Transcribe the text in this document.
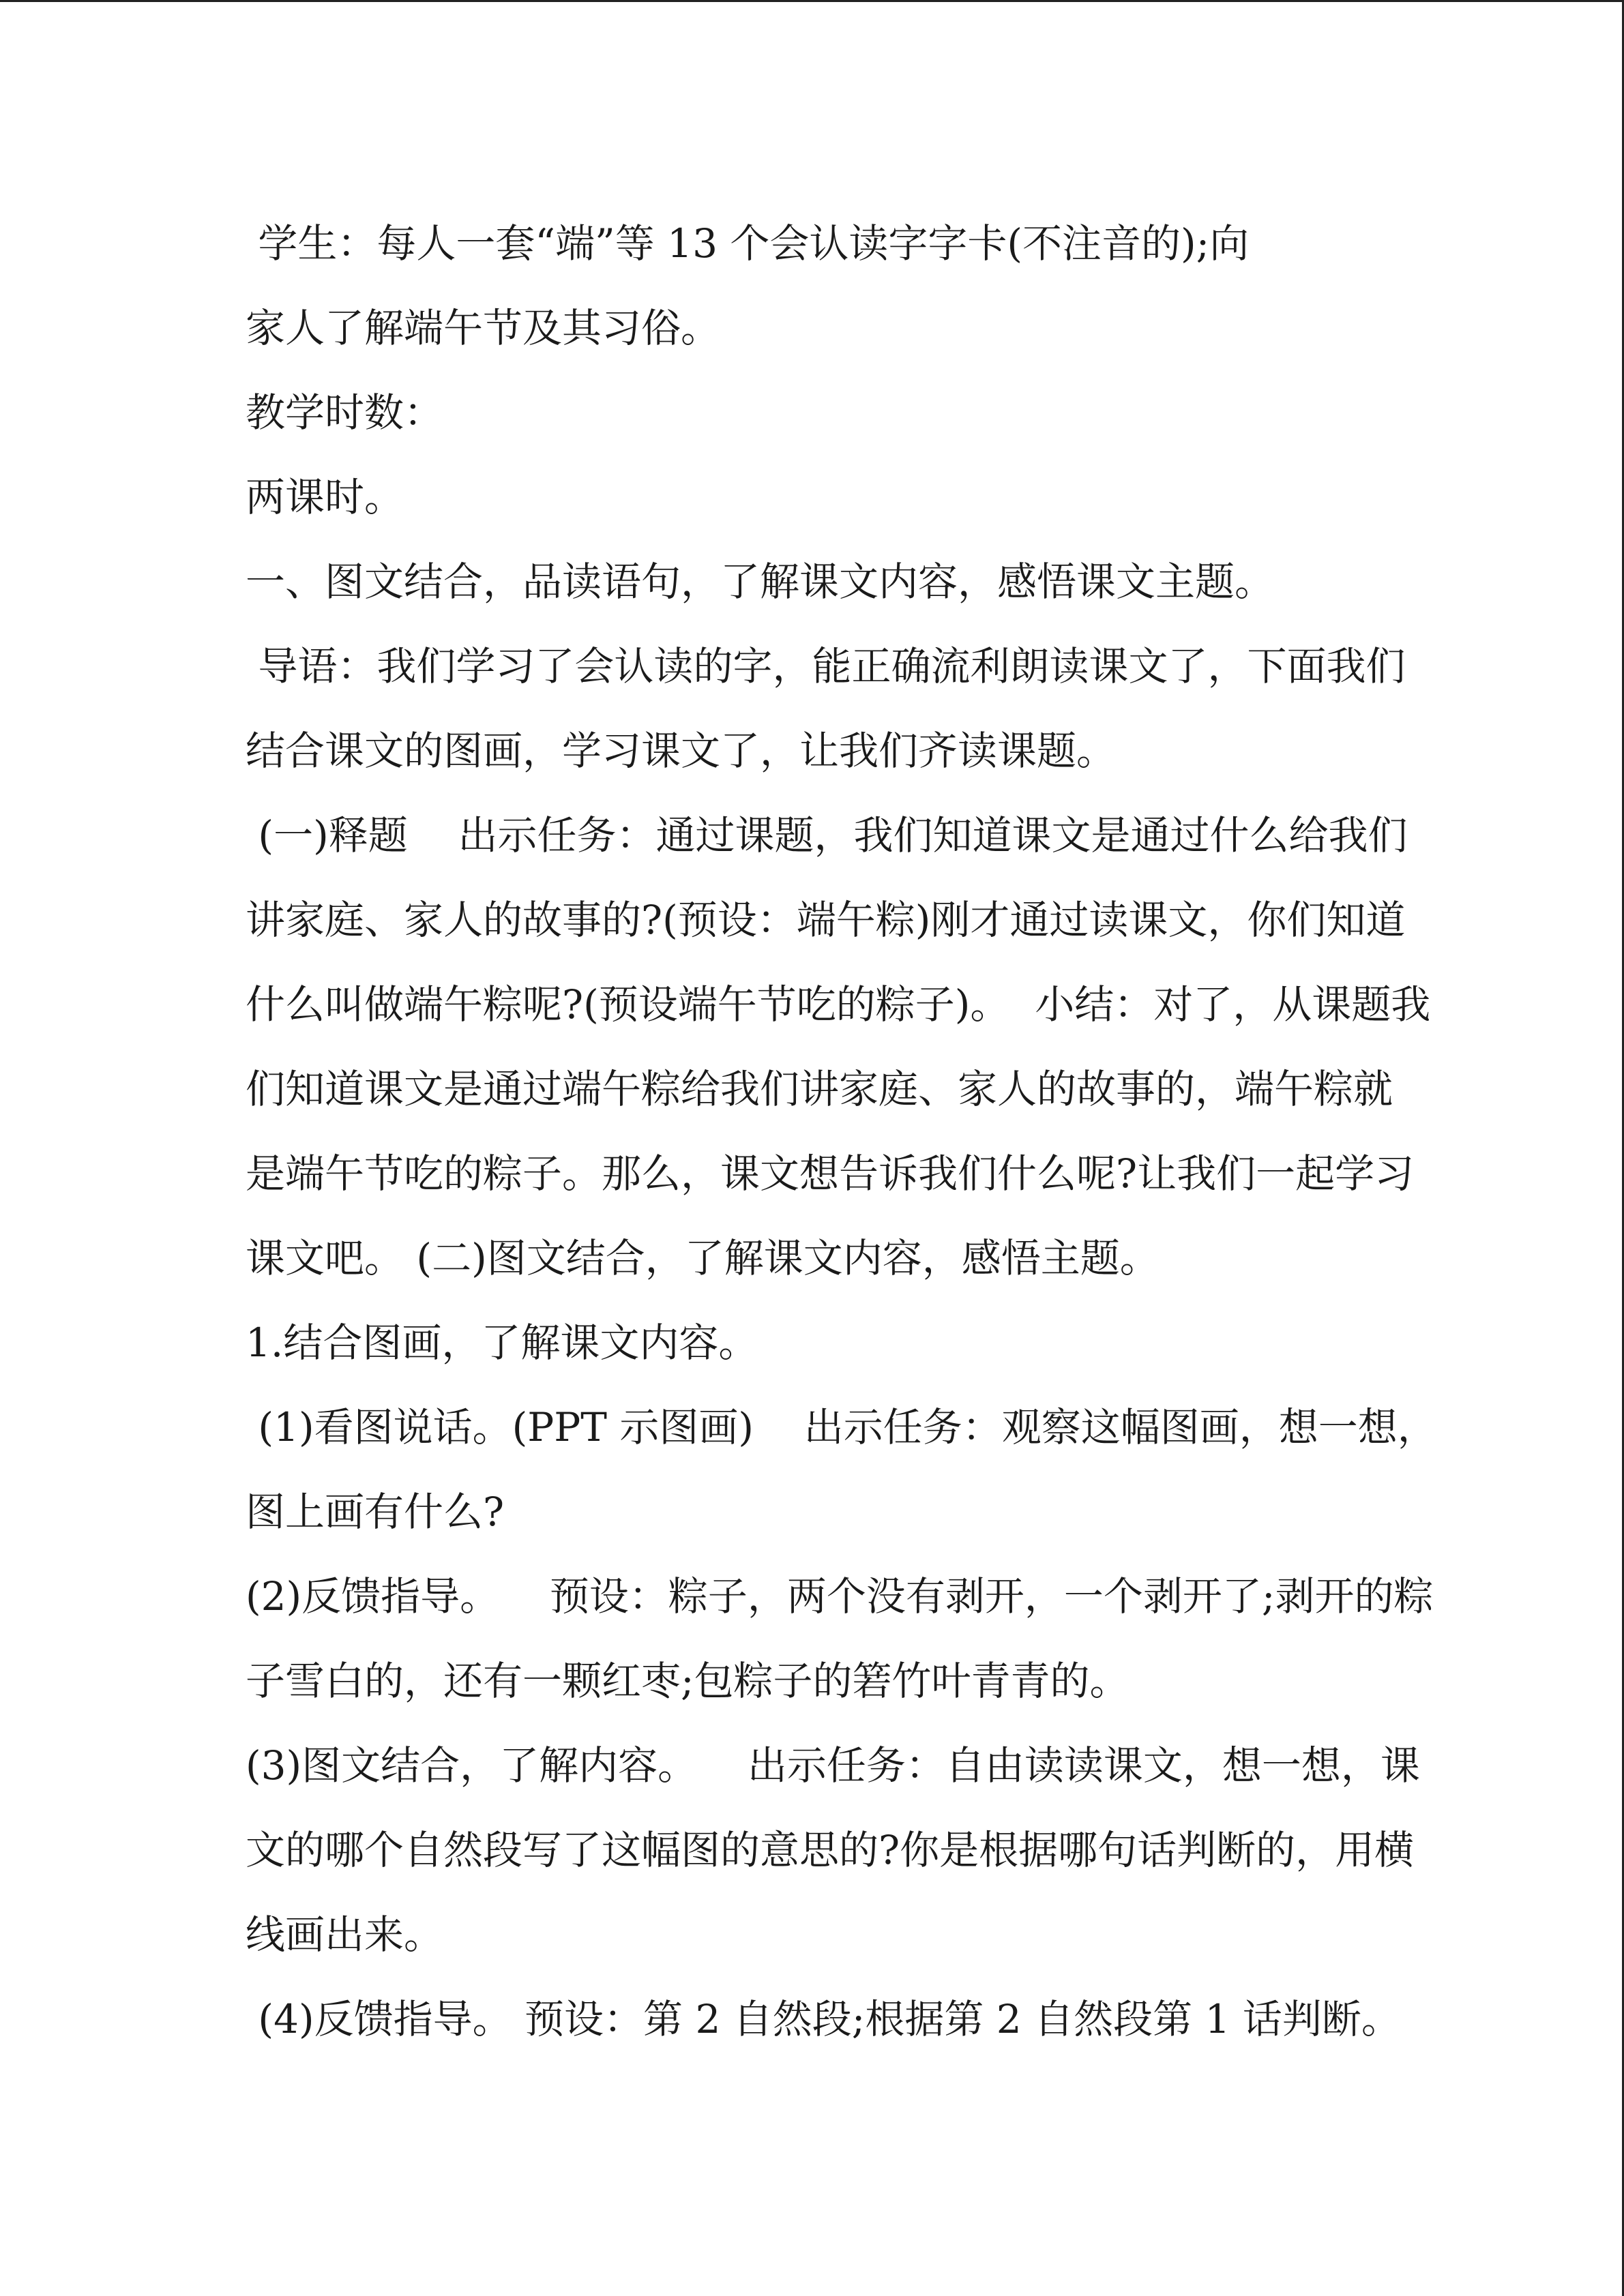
学生：每人一套“端”等 13 个会认读字字卡(不注音的);向
家人了解端午节及其习俗。
教学时数：
两课时。
一、图文结合，品读语句，了解课文内容，感悟课文主题。
导语：我们学习了会认读的字，能正确流利朗读课文了，下面我们
结合课文的图画，学习课文了，让我们齐读课题。
(一)释题    出示任务：通过课题，我们知道课文是通过什么给我们
讲家庭、家人的故事的?(预设：端午粽)刚才通过读课文，你们知道
什么叫做端午粽呢?(预设端午节吃的粽子)。  小结：对了，从课题我
们知道课文是通过端午粽给我们讲家庭、家人的故事的，端午粽就
是端午节吃的粽子。那么，课文想告诉我们什么呢?让我们一起学习
课文吧。 (二)图文结合，了解课文内容，感悟主题。
1.结合图画，了解课文内容。
(1)看图说话。(PPT 示图画)    出示任务：观察这幅图画，想一想，
图上画有什么?
(2)反馈指导。    预设：粽子，两个没有剥开，一个剥开了;剥开的粽
子雪白的，还有一颗红枣;包粽子的箬竹叶青青的。
(3)图文结合，了解内容。    出示任务：自由读读课文，想一想，课
文的哪个自然段写了这幅图的意思的?你是根据哪句话判断的，用横
线画出来。
(4)反馈指导。 预设：第 2 自然段;根据第 2 自然段第 1 话判断。
